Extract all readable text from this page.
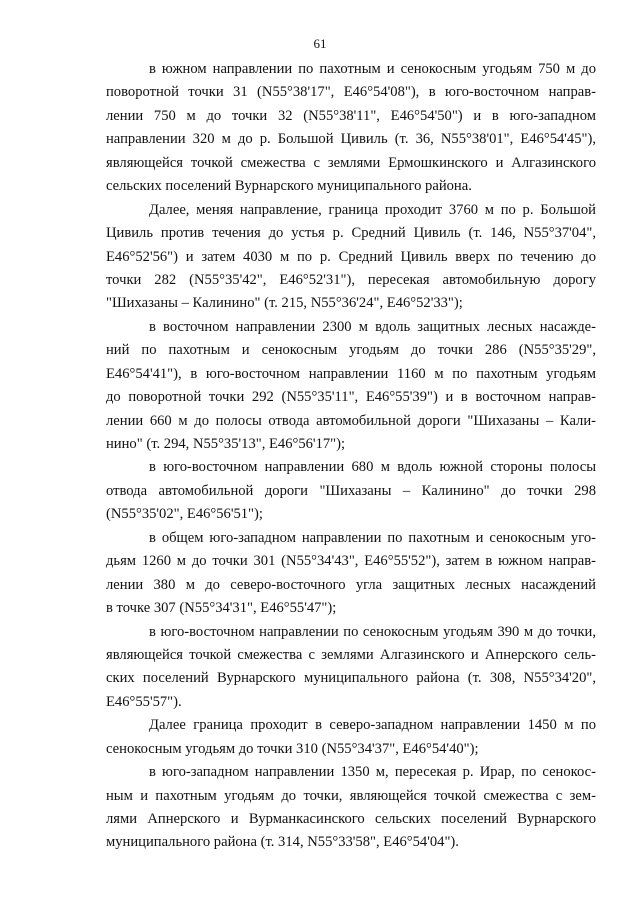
61
в южном направлении по пахотным и сенокосным угодьям 750 м до
поворотной точки 31 (N55°38'17", E46°54'08"), в юго-восточном направ-
лении 750 м до точки 32 (N55°38'11", E46°54'50") и в юго-западном
направлении 320 м до р. Большой Цивиль (т. 36, N55°38'01", E46°54'45"),
являющейся точкой смежества с землями Ермошкинского и Алгазинского
сельских поселений Вурнарского муниципального района.
Далее, меняя направление, граница проходит 3760 м по р. Большой
Цивиль против течения до устья р. Средний Цивиль (т. 146, N55°37'04",
E46°52'56") и затем 4030 м по р. Средний Цивиль вверх по течению до
точки 282 (N55°35'42", E46°52'31"), пересекая автомобильную дорогу
"Шихазаны – Калинино" (т. 215, N55°36'24", E46°52'33");
в восточном направлении 2300 м вдоль защитных лесных насажде-
ний по пахотным и сенокосным угодьям до точки 286 (N55°35'29",
E46°54'41"), в юго-восточном направлении 1160 м по пахотным угодьям
до поворотной точки 292 (N55°35'11", E46°55'39") и в восточном направ-
лении 660 м до полосы отвода автомобильной дороги "Шихазаны – Кали-
нино" (т. 294, N55°35'13", E46°56'17");
в юго-восточном направлении 680 м вдоль южной стороны полосы
отвода автомобильной дороги "Шихазаны – Калинино" до точки 298
(N55°35'02", E46°56'51");
в общем юго-западном направлении по пахотным и сенокосным уго-
дьям 1260 м до точки 301 (N55°34'43", E46°55'52"), затем в южном направ-
лении 380 м до северо-восточного угла защитных лесных насаждений
в точке 307 (N55°34'31", E46°55'47");
в юго-восточном направлении по сенокосным угодьям 390 м до точки,
являющейся точкой смежества с землями Алгазинского и Апнерского сель-
ских поселений Вурнарского муниципального района (т. 308, N55°34'20",
E46°55'57").
Далее граница проходит в северо-западном направлении 1450 м по
сенокосным угодьям до точки 310 (N55°34'37", E46°54'40");
в юго-западном направлении 1350 м, пересекая р. Ирар, по сенокос-
ным и пахотным угодьям до точки, являющейся точкой смежества с зем-
лями Апнерского и Вурманкасинского сельских поселений Вурнарского
муниципального района (т. 314, N55°33'58", E46°54'04").
